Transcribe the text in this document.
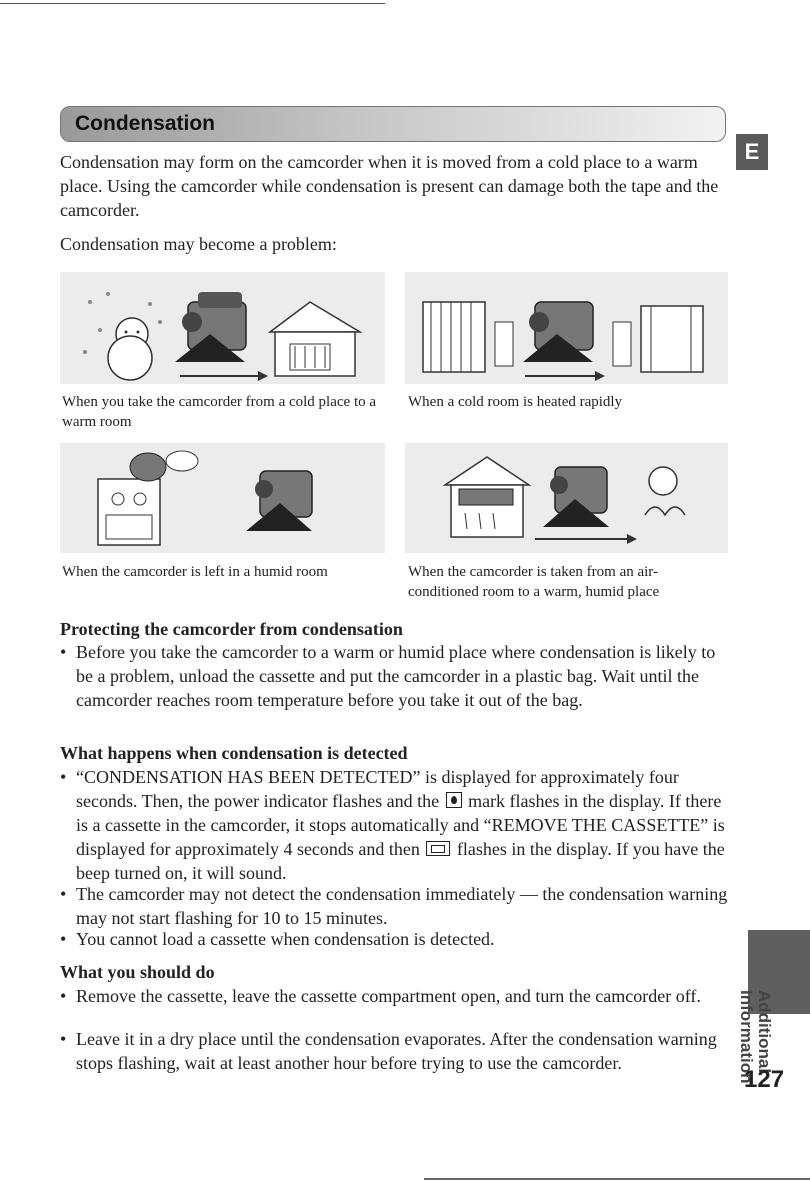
Condensation
E

Condensation may form on the camcorder when it is moved from a cold place to a warm place. Using the camcorder while condensation is present can damage both the tape and the camcorder.

Condensation may become a problem:

When you take the camcorder from a cold place to a warm room

When a cold room is heated rapidly

When the camcorder is left in a humid room	When the camcorder is taken from an air-conditioned room to a warm, humid place

Protecting the camcorder from condensation
• Before you take the camcorder to a warm or humid place where condensation is likely to be a problem, unload the cassette and put the camcorder in a plastic bag. Wait until the camcorder reaches room temperature before you take it out of the bag.
What happens when condensation is detected
• “CONDENSATION HAS BEEN DETECTED” is displayed for approximately four seconds. Then, the power indicator flashes and the mark flashes in the display. If there is a cassette in the camcorder, it stops automatically and “REMOVE THE CASSETTE” is displayed for approximately 4 seconds and then flashes in the display. If you have the beep turned on, it will sound.
• The camcorder may not detect the condensation immediately — the condensation warning may not start flashing for 10 to 15 minutes.
• You cannot load a cassette when condensation is detected.
What you should do
• Remove the cassette, leave the cassette compartment open, and turn the camcorder off.
• Leave it in a dry place until the condensation evaporates. After the condensation warning stops flashing, wait at least another hour before trying to use the camcorder.	Additional
Information
127
